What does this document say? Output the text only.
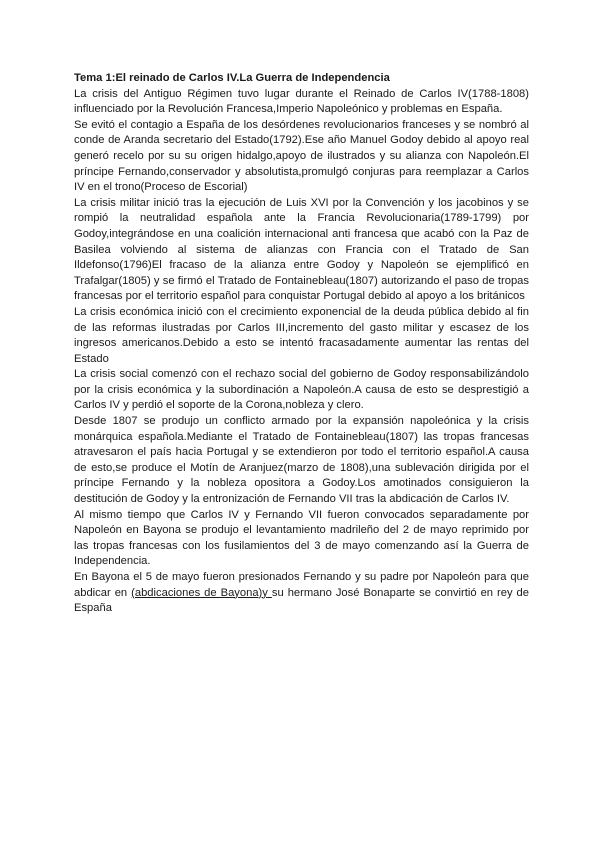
Tema 1:El reinado de Carlos IV.La Guerra de Independencia

La crisis del Antiguo Régimen tuvo lugar durante el Reinado de Carlos IV(1788-1808) influenciado por la Revolución Francesa,Imperio Napoleónico y problemas en España.

Se evitó el contagio a España de los desórdenes revolucionarios franceses y se nombró al conde de Aranda secretario del Estado(1792).Ese año Manuel Godoy debido al apoyo real generó recelo por su su origen hidalgo,apoyo de ilustrados y su alianza con Napoleón.El príncipe Fernando,conservador y absolutista,promulgó conjuras para reemplazar a Carlos IV en el trono(Proceso de Escorial)

La crisis militar inició tras la ejecución de Luis XVI por la Convención y los jacobinos y se rompió la neutralidad española ante la Francia Revolucionaria(1789-1799) por Godoy,integrándose en una coalición internacional anti francesa que acabó con la Paz de Basilea volviendo al sistema de alianzas con Francia con el Tratado de San Ildefonso(1796)El fracaso de la alianza entre Godoy y Napoleón se ejemplificó en Trafalgar(1805) y se firmó el Tratado de Fontainebleau(1807) autorizando el paso de tropas francesas por el territorio español para conquistar Portugal debido al apoyo a los británicos

La crisis económica inició con el crecimiento exponencial de la deuda pública debido al fin de las reformas ilustradas por Carlos III,incremento del gasto militar y escasez de los ingresos americanos.Debido a esto se intentó fracasadamente aumentar las rentas del Estado

La crisis social comenzó con el rechazo social del gobierno de Godoy responsabilizándolo por la crisis económica y la subordinación a Napoleón.A causa de esto se desprestigió a Carlos IV y perdió el soporte de la Corona,nobleza y clero.

Desde 1807 se produjo un conflicto armado por la expansión napoleónica y la crisis monárquica española.Mediante el Tratado de Fontainebleau(1807) las tropas francesas atravesaron el país hacia Portugal y se extendieron por todo el territorio español.A causa de esto,se produce el Motín de Aranjuez(marzo de 1808),una sublevación dirigida por el príncipe Fernando y la nobleza opositora a Godoy.Los amotinados consiguieron la destitución de Godoy y la entronización de Fernando VII tras la abdicación de Carlos IV.

Al mismo tiempo que Carlos IV y Fernando VII fueron convocados separadamente por Napoleón en Bayona se produjo el levantamiento madrileño del 2 de mayo reprimido por las tropas francesas con los fusilamientos del 3 de mayo comenzando así la Guerra de Independencia.

En Bayona el 5 de mayo fueron presionados Fernando y su padre por Napoleón para que abdicar en (abdicaciones de Bayona)y su hermano José Bonaparte se convirtió en rey de España
